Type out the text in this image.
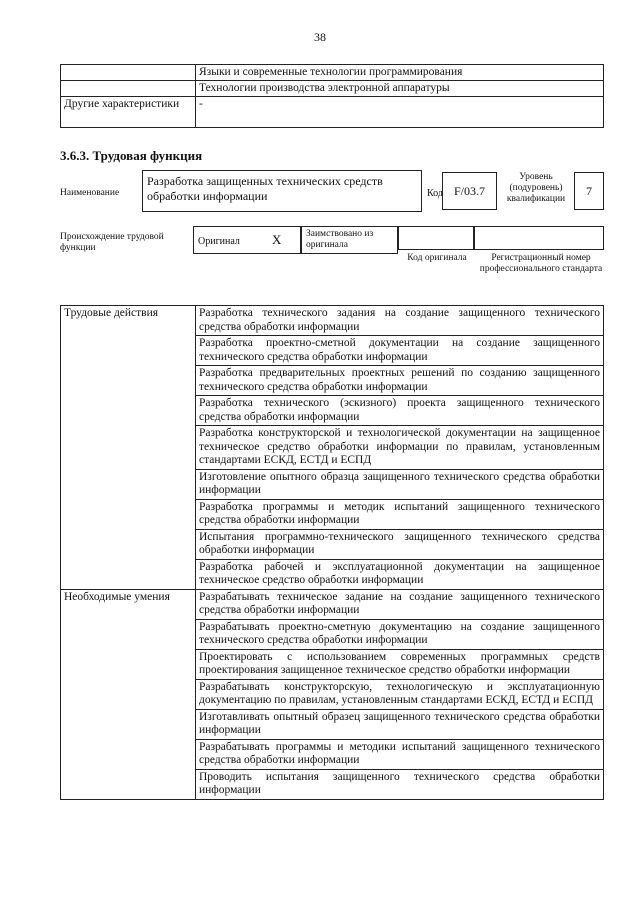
38
	Языки и современные технологии программирования
	Технологии производства электронной аппаратуры
Другие характеристики	-
3.6.3. Трудовая функция
Наименование
Разработка защищенных технических средств обработки информации	Код F/03.7
Уровень (подуровень) квалификации
7
Происхождение трудовой функции
Оригинал X	Заимствовано из оригинала
Код оригинала	Регистрационный номер профессионального стандарта
Трудовые действия	Разработка технического задания на создание защищенного технического средства обработки информации
	Разработка проектно-сметной документации на создание защищенного технического средства обработки информации
	Разработка предварительных проектных решений по созданию защищенного технического средства обработки информации
	Разработка технического (эскизного) проекта защищенного технического средства обработки информации
	Разработка конструкторской и технологической документации на защищенное техническое средство обработки информации по правилам, установленным стандартами ЕСКД, ЕСТД и ЕСПД
	Изготовление опытного образца защищенного технического средства обработки информации
	Разработка программы и методик испытаний защищенного технического средства обработки информации
	Испытания программно-технического защищенного технического средства обработки информации
	Разработка рабочей и эксплуатационной документации на защищенное техническое средство обработки информации
Необходимые умения	Разрабатывать техническое задание на создание защищенного технического средства обработки информации
	Разрабатывать проектно-сметную документацию на создание защищенного технического средства обработки информации
	Проектировать с использованием современных программных средств проектирования защищенное техническое средство обработки информации
	Разрабатывать конструкторскую, технологическую и эксплуатационную документацию по правилам, установленным стандартами ЕСКД, ЕСТД и ЕСПД
	Изготавливать опытный образец защищенного технического средства обработки информации
	Разрабатывать программы и методики испытаний защищенного технического средства обработки информации
	Проводить испытания защищенного технического средства обработки информации
